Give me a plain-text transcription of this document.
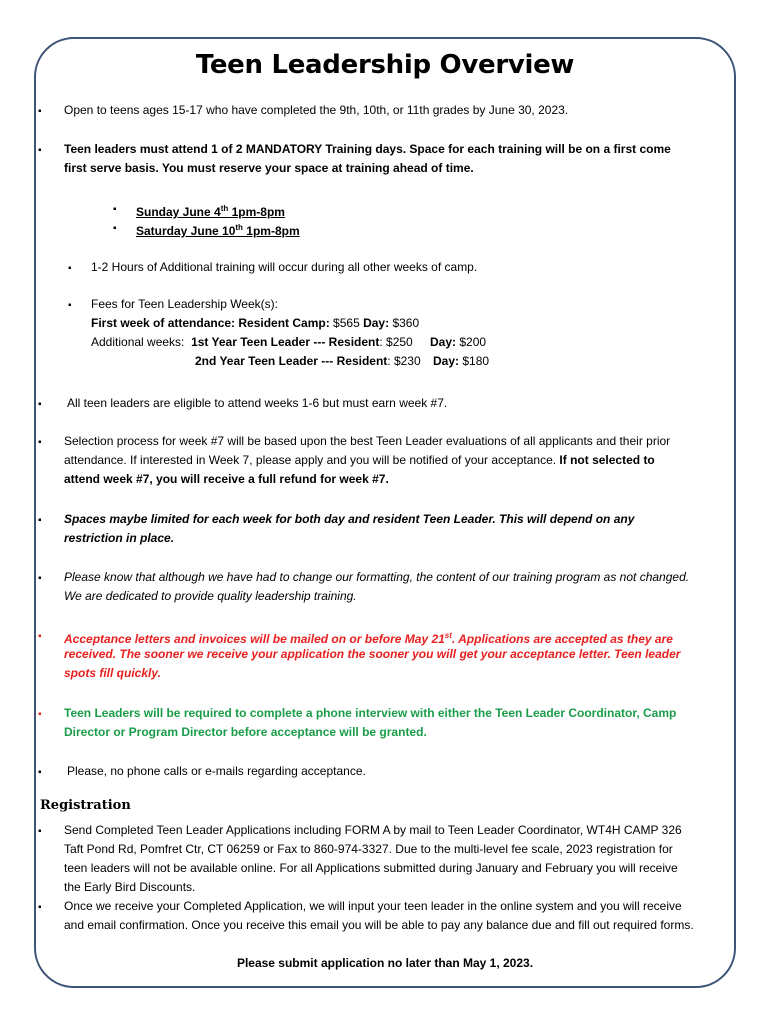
Teen Leadership Overview
▪ Open to teens ages 15-17 who have completed the 9th, 10th, or 11th grades by June 30, 2023.
▪ Teen leaders must attend 1 of 2 MANDATORY Training days. Space for each training will be on a first come
first serve basis. You must reserve your space at training ahead of time.
▪ Sunday June 4th 1pm-8pm
▪ Saturday June 10th 1pm-8pm
▪ 1-2 Hours of Additional training will occur during all other weeks of camp.
▪ Fees for Teen Leadership Week(s):
First week of attendance: Resident Camp: $565 Day: $360
Additional weeks:  1st Year Teen Leader --- Resident: $250 Day: $200
2nd Year Teen Leader --- Resident: $230 Day: $180
▪ All teen leaders are eligible to attend weeks 1-6 but must earn week #7.
▪ Selection process for week #7 will be based upon the best Teen Leader evaluations of all applicants and their prior
attendance. If interested in Week 7, please apply and you will be notified of your acceptance. If not selected to
attend week #7, you will receive a full refund for week #7.
▪ Spaces maybe limited for each week for both day and resident Teen Leader. This will depend on any
restriction in place.
▪ Please know that although we have had to change our formatting, the content of our training program as not changed.
We are dedicated to provide quality leadership training.
▪ Acceptance letters and invoices will be mailed on or before May 21st. Applications are accepted as they are
received. The sooner we receive your application the sooner you will get your acceptance letter. Teen leader
spots fill quickly.
▪ Teen Leaders will be required to complete a phone interview with either the Teen Leader Coordinator, Camp
Director or Program Director before acceptance will be granted.
▪ Please, no phone calls or e-mails regarding acceptance.
Registration
▪ Send Completed Teen Leader Applications including FORM A by mail to Teen Leader Coordinator, WT4H CAMP 326
Taft Pond Rd, Pomfret Ctr, CT 06259 or Fax to 860-974-3327. Due to the multi-level fee scale, 2023 registration for
teen leaders will not be available online. For all Applications submitted during January and February you will receive
the Early Bird Discounts.
▪ Once we receive your Completed Application, we will input your teen leader in the online system and you will receive
and email confirmation. Once you receive this email you will be able to pay any balance due and fill out required forms.
Please submit application no later than May 1, 2023.
